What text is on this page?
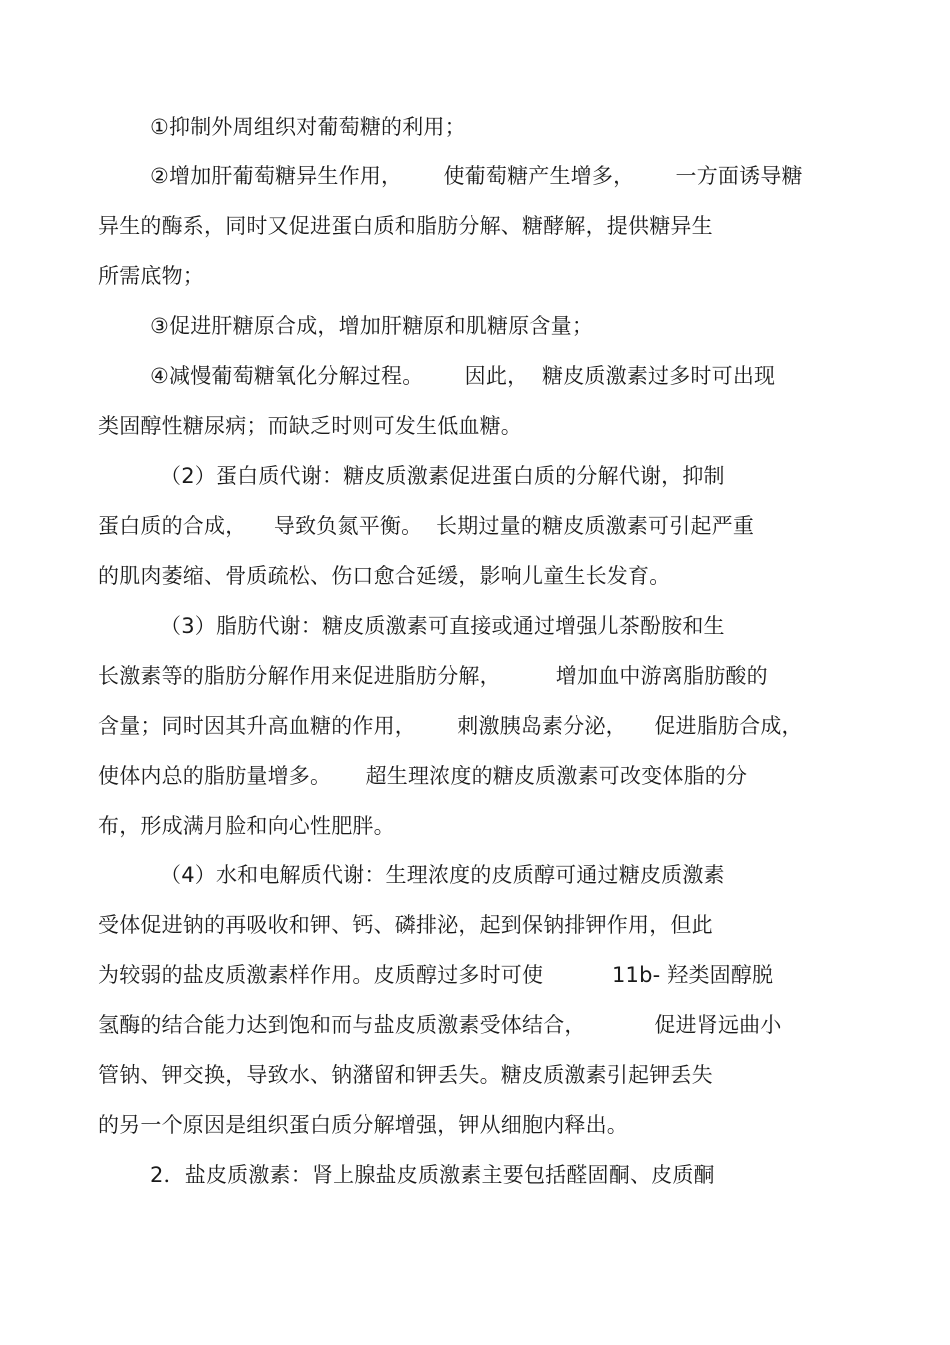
①抑制外周组织对葡萄糖的利用；
②增加肝葡萄糖异生作用，      使葡萄糖产生增多，      一方面诱导糖
异生的酶系，同时又促进蛋白质和脂肪分解、糖酵解，提供糖异生
所需底物；
③促进肝糖原合成，增加肝糖原和肌糖原含量；
④减慢葡萄糖氧化分解过程。      因此，  糖皮质激素过多时可出现
类固醇性糖尿病；而缺乏时则可发生低血糖。
（2）蛋白质代谢：糖皮质激素促进蛋白质的分解代谢，抑制
蛋白质的合成，    导致负氮平衡。  长期过量的糖皮质激素可引起严重
的肌肉萎缩、骨质疏松、伤口愈合延缓，影响儿童生长发育。
（3）脂肪代谢：糖皮质激素可直接或通过增强儿茶酚胺和生
长激素等的脂肪分解作用来促进脂肪分解，        增加血中游离脂肪酸的
含量；同时因其升高血糖的作用，      刺激胰岛素分泌，    促进脂肪合成，
使体内总的脂肪量增多。     超生理浓度的糖皮质激素可改变体脂的分
布，形成满月脸和向心性肥胖。
（4）水和电解质代谢：生理浓度的皮质醇可通过糖皮质激素
受体促进钠的再吸收和钾、钙、磷排泌，起到保钠排钾作用，但此
为较弱的盐皮质激素样作用。皮质醇过多时可使          11b- 羟类固醇脱
氢酶的结合能力达到饱和而与盐皮质激素受体结合，          促进肾远曲小
管钠、钾交换，导致水、钠潴留和钾丢失。糖皮质激素引起钾丢失
的另一个原因是组织蛋白质分解增强，钾从细胞内释出。
2．盐皮质激素：肾上腺盐皮质激素主要包括醛固酮、皮质酮
